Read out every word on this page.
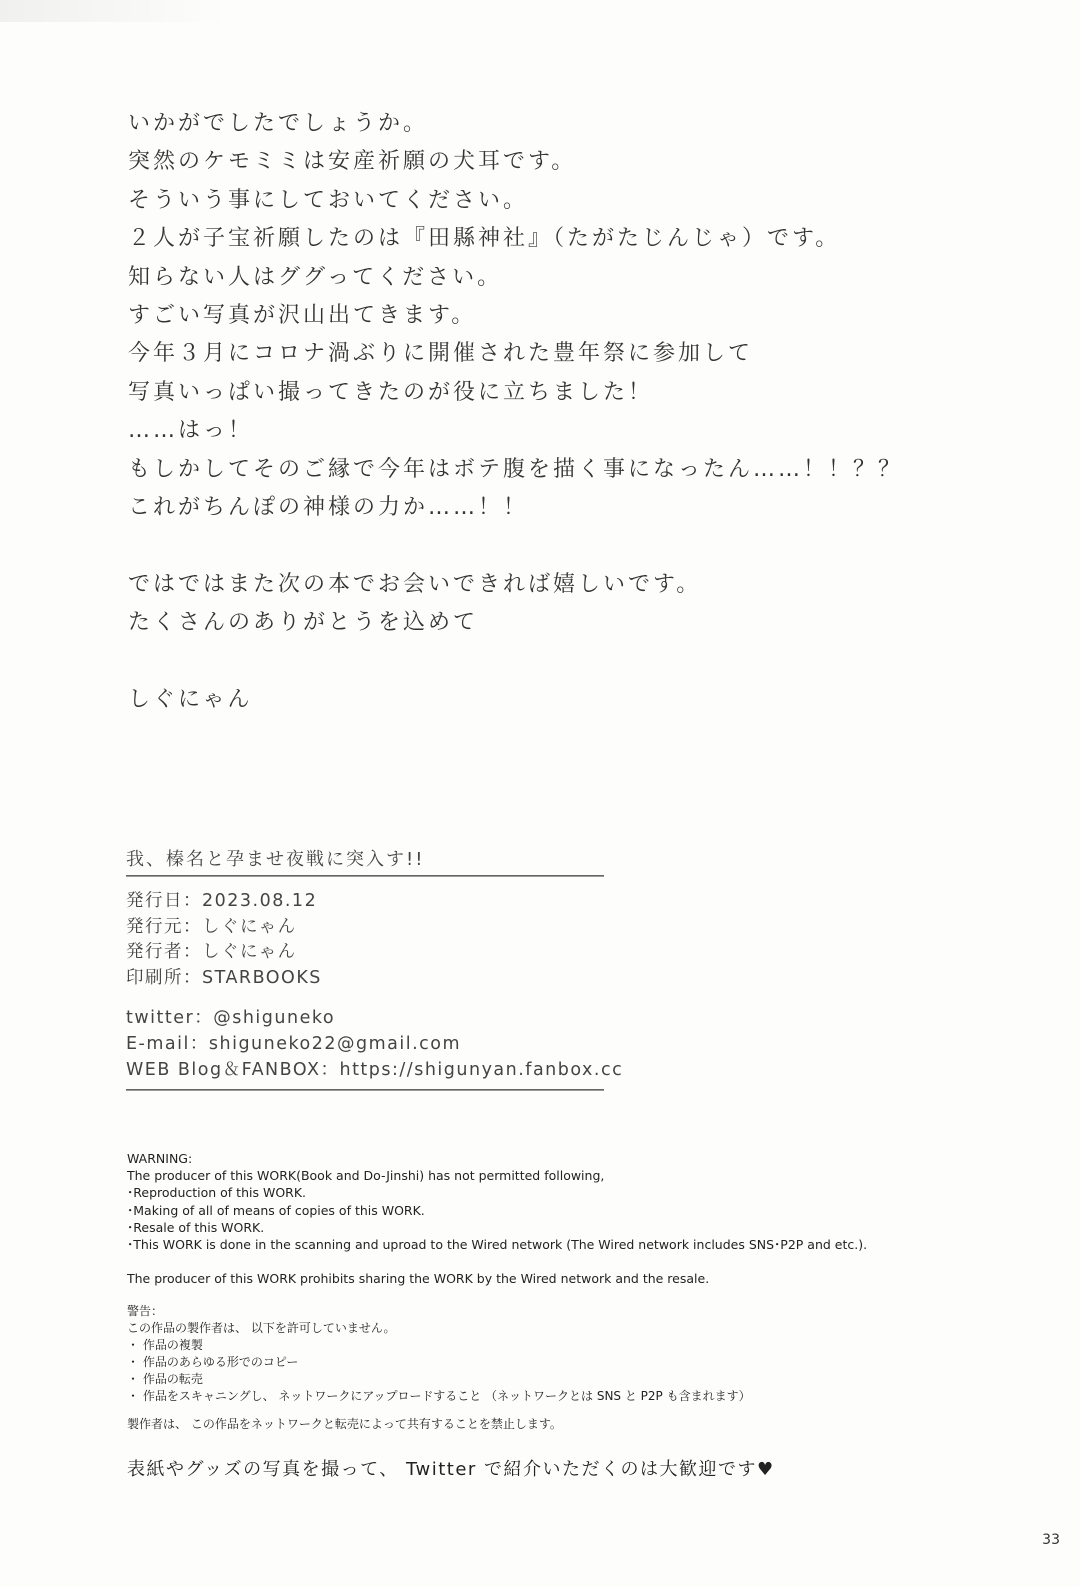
いかがでしたでしょうか。
突然のケモミミは安産祈願の犬耳です。
そういう事にしておいてください。
２人が子宝祈願したのは『田縣神社』（たがたじんじゃ）です。
知らない人はググってください。
すごい写真が沢山出てきます。
今年３月にコロナ渦ぶりに開催された豊年祭に参加して
写真いっぱい撮ってきたのが役に立ちました！
……はっ！
もしかしてそのご縁で今年はボテ腹を描く事になったん……！！？？
これがちんぽの神様の力か……！！
ではではまた次の本でお会いできれば嬉しいです。
たくさんのありがとうを込めて
しぐにゃん
我、榛名と孕ませ夜戦に突入す!!
発行日：2023.08.12
発行元：しぐにゃん
発行者：しぐにゃん
印刷所：STARBOOKS
twitter：@shiguneko
E-mail：shiguneko22@gmail.com
WEB Blog＆FANBOX：https://shigunyan.fanbox.cc
WARNING:
The producer of this WORK(Book and Do-Jinshi) has not permitted following,
･Reproduction of this WORK.
･Making of all of means of copies of this WORK.
･Resale of this WORK.
･This WORK is done in the scanning and uproad to the Wired network (The Wired network includes SNS･P2P and etc.).
The producer of this WORK prohibits sharing the WORK by the Wired network and the resale.
警告：
この作品の製作者は、 以下を許可していません。
・ 作品の複製
・ 作品のあらゆる形でのコピー
・ 作品の転売
・ 作品をスキャニングし、 ネットワークにアップロードすること （ネットワークとは SNS と P2P も含まれます）
製作者は、 この作品をネットワークと転売によって共有することを禁止します。
表紙やグッズの写真を撮って、 Twitter で紹介いただくのは大歓迎です♥
33
